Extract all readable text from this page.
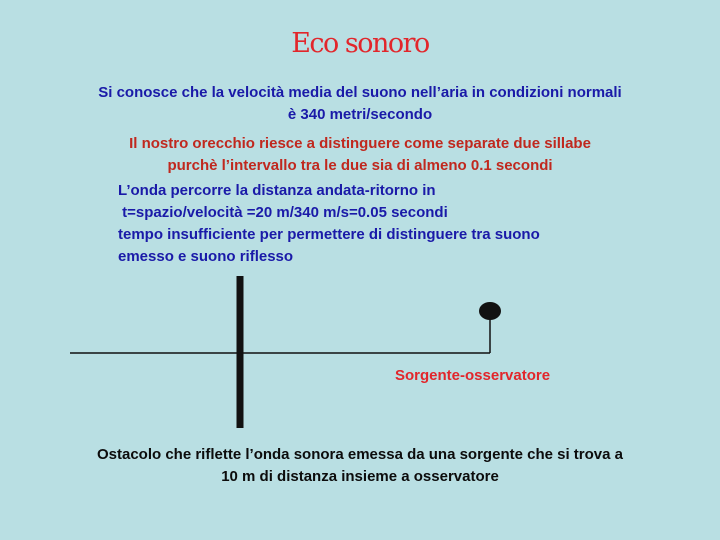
Eco sonoro
Si conosce che la velocità media del suono nell’aria in condizioni normali
è 340 metri/secondo
Il nostro orecchio riesce a distinguere come separate due sillabe
purchè l’intervallo tra le due sia di almeno 0.1 secondi
L’onda percorre la distanza andata-ritorno in
t=spazio/velocità =20 m/340 m/s=0.05 secondi
tempo insufficiente per permettere di distinguere tra suono
emesso e suono riflesso
Sorgente-osservatore
Ostacolo che riflette l’onda sonora emessa da una sorgente che si trova a
10 m di distanza insieme a osservatore
